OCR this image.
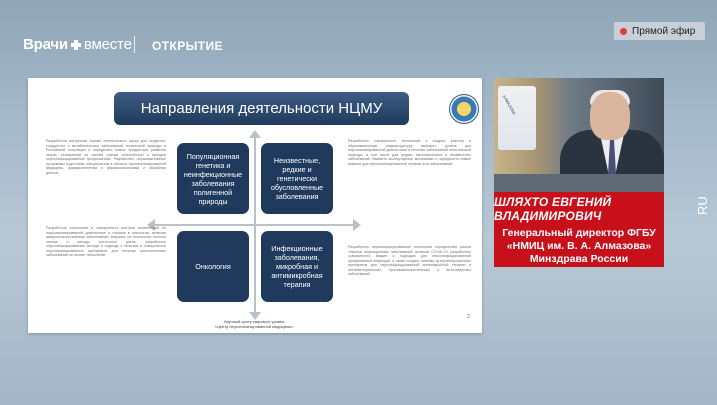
Врачи вместе ОТКРЫТИЕ
Прямой эфир
Направления деятельности НЦМУ
Популяционная генетика и неинфекционные заболевания полигенной природы
Неизвестные, редкие и генетически обусловленные заболевания
Онкология
Инфекционные заболевания, микробная и антимикробная терапия
Разработать алгоритмы оценки генетического риска для сердечно-сосудистых и метаболических заболеваний полигенной природы в Российской популяции и определить новые предикторы развития затрат, осложнений на основе оценки генетической и методов персонифицированной профилактики. Разработать образовательные программы подготовки специалистов в области персонализированной медицины, фармакогенетики и фармакоэкономики и обработки данных.
Разработать технологии и совокупность центров компетенций по персонализированной диагностике и терапии в онкологии, включая иммуноонкологические заболевания, опираясь на технологии полного генома и методы клеточного цикла, разработать персонифицированные методы и подходы к лечению и совокупность персонализированных препаратов для лечения онкологических заболеваний на основе технологий.
Разработать совокупность технологий и создать кластер и образовательную инфраструктуру мирового уровня для персонализированной диагностики и лечения заболеваний генетической природы, в том числе для редких, малоизученных и неизвестных заболеваний. Выявить молекулярные механизмы и определить новые мишени для персонализированной терапии этих заболеваний.
Разработать персонифицированные технологии определения рисков тяжелых инфекционных заболеваний, включая COVID-19, разработать совокупность вакцин и подходов для персонифицированной профилактики инфекций, а также создать линейку аутотрансфузионных препаратов для персонифицированной антимикробной терапии и антибактериальных, противовоспалительных и анти-вирусных заболеваний.
Научный центр мирового уровня
«Центр персонализированной медицины»
2
АЛМАЗОВА
ШЛЯХТО ЕВГЕНИЙ ВЛАДИМИРОВИЧ
Генеральный директор ФГБУ
«НМИЦ им. В. А. Алмазова»
Минздрава России
RU
